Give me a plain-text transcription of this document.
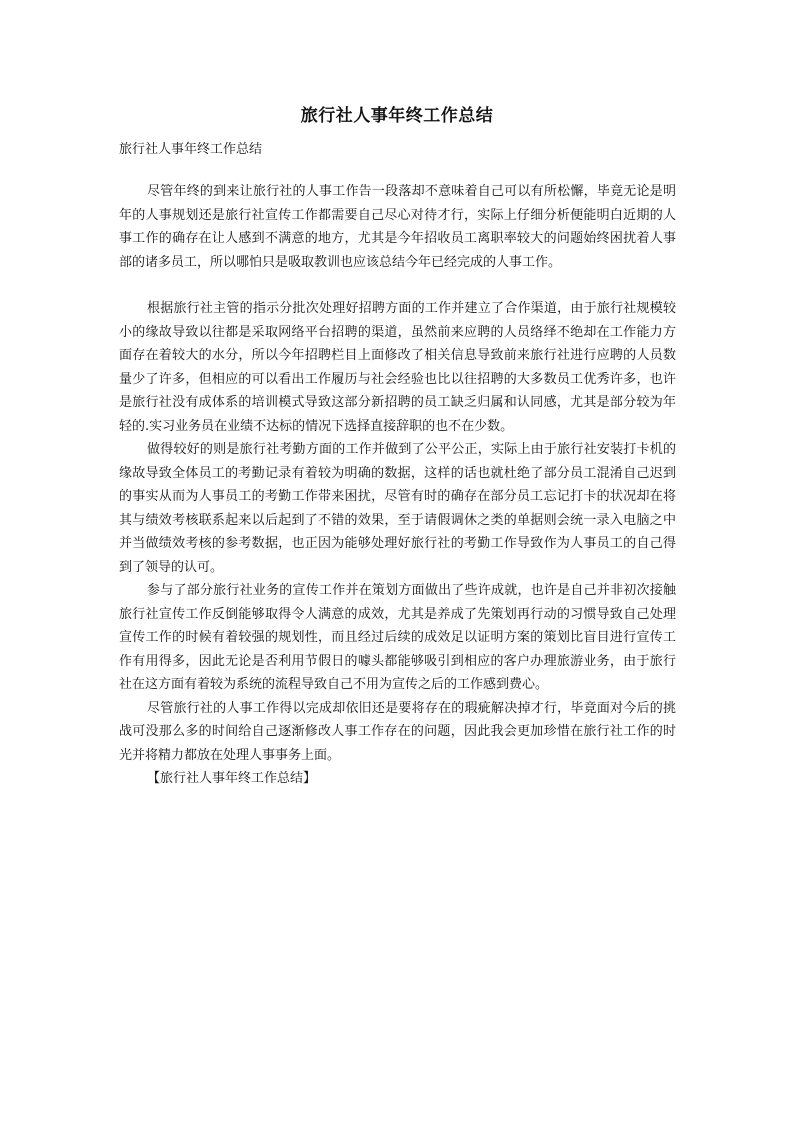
旅行社人事年终工作总结
旅行社人事年终工作总结

尽管年终的到来让旅行社的人事工作告一段落却不意味着自己可以有所松懈，毕竟无论是明年的人事规划还是旅行社宣传工作都需要自己尽心对待才行，实际上仔细分析便能明白近期的人事工作的确存在让人感到不满意的地方，尤其是今年招收员工离职率较大的问题始终困扰着人事部的诸多员工，所以哪怕只是吸取教训也应该总结今年已经完成的人事工作。

根据旅行社主管的指示分批次处理好招聘方面的工作并建立了合作渠道，由于旅行社规模较小的缘故导致以往都是采取网络平台招聘的渠道，虽然前来应聘的人员络绎不绝却在工作能力方面存在着较大的水分，所以今年招聘栏目上面修改了相关信息导致前来旅行社进行应聘的人员数量少了许多，但相应的可以看出工作履历与社会经验也比以往招聘的大多数员工优秀许多，也许是旅行社没有成体系的培训模式导致这部分新招聘的员工缺乏归属和认同感，尤其是部分较为年轻的.实习业务员在业绩不达标的情况下选择直接辞职的也不在少数。

做得较好的则是旅行社考勤方面的工作并做到了公平公正，实际上由于旅行社安装打卡机的缘故导致全体员工的考勤记录有着较为明确的数据，这样的话也就杜绝了部分员工混淆自己迟到的事实从而为人事员工的考勤工作带来困扰，尽管有时的确存在部分员工忘记打卡的状况却在将其与绩效考核联系起来以后起到了不错的效果，至于请假调休之类的单据则会统一录入电脑之中并当做绩效考核的参考数据，也正因为能够处理好旅行社的考勤工作导致作为人事员工的自己得到了领导的认可。

参与了部分旅行社业务的宣传工作并在策划方面做出了些许成就，也许是自己并非初次接触旅行社宣传工作反倒能够取得令人满意的成效，尤其是养成了先策划再行动的习惯导致自己处理宣传工作的时候有着较强的规划性，而且经过后续的成效足以证明方案的策划比盲目进行宣传工作有用得多，因此无论是否利用节假日的噱头都能够吸引到相应的客户办理旅游业务，由于旅行社在这方面有着较为系统的流程导致自己不用为宣传之后的工作感到费心。

尽管旅行社的人事工作得以完成却依旧还是要将存在的瑕疵解决掉才行，毕竟面对今后的挑战可没那么多的时间给自己逐渐修改人事工作存在的问题，因此我会更加珍惜在旅行社工作的时光并将精力都放在处理人事事务上面。

【旅行社人事年终工作总结】
